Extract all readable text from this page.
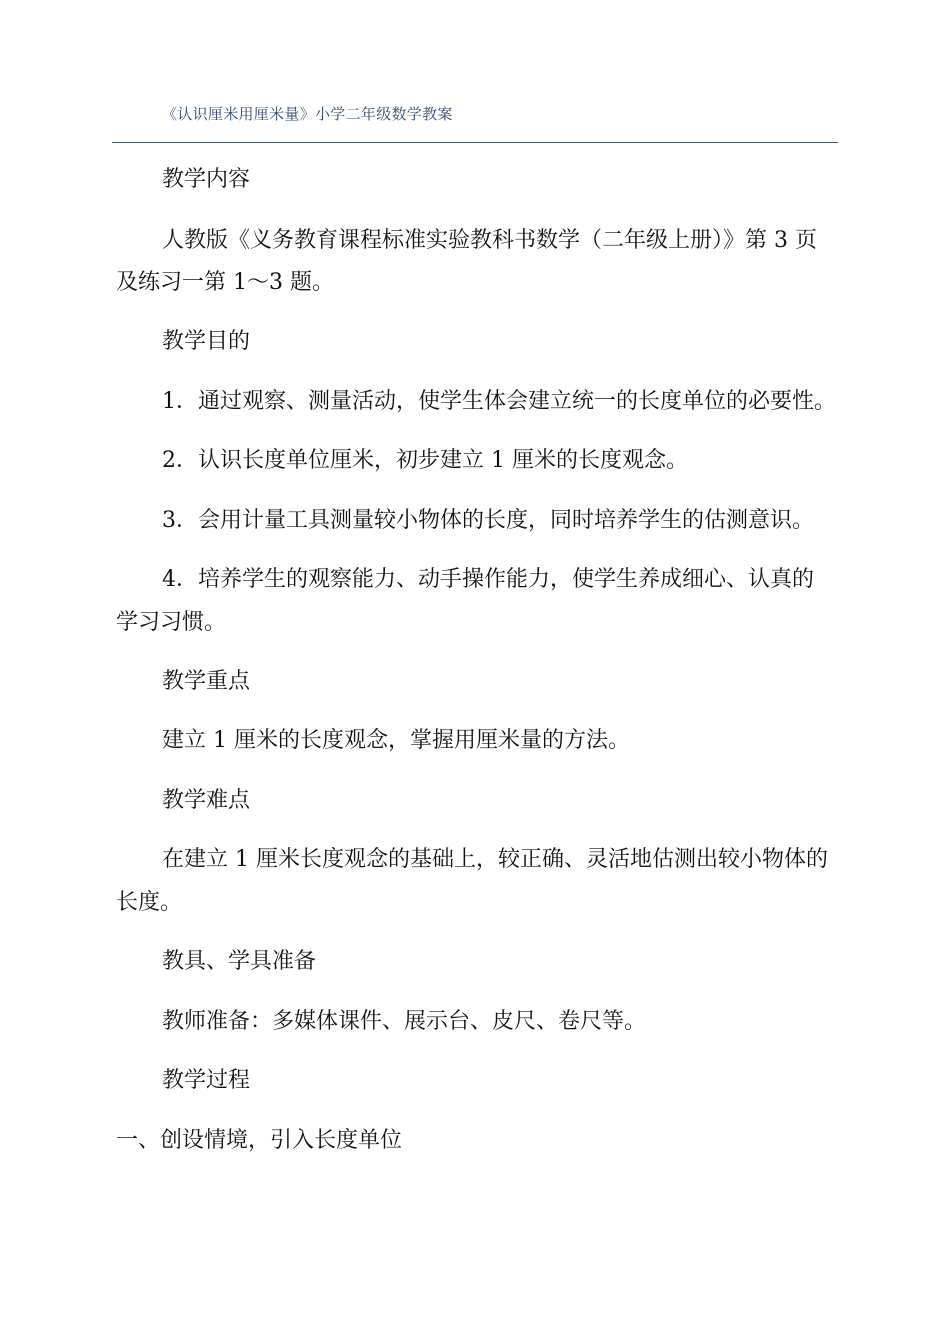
《认识厘米用厘米量》小学二年级数学教案
教学内容
人教版《义务教育课程标准实验教科书数学（二年级上册）》第 3 页
及练习一第 1～3 题。
教学目的
1．通过观察、测量活动，使学生体会建立统一的长度单位的必要性。
2．认识长度单位厘米，初步建立 1 厘米的长度观念。
3．会用计量工具测量较小物体的长度，同时培养学生的估测意识。
4．培养学生的观察能力、动手操作能力，使学生养成细心、认真的
学习习惯。
教学重点
建立 1 厘米的长度观念，掌握用厘米量的方法。
教学难点
在建立 1 厘米长度观念的基础上，较正确、灵活地估测出较小物体的
长度。
教具、学具准备
教师准备：多媒体课件、展示台、皮尺、卷尺等。
教学过程
一、创设情境，引入长度单位
